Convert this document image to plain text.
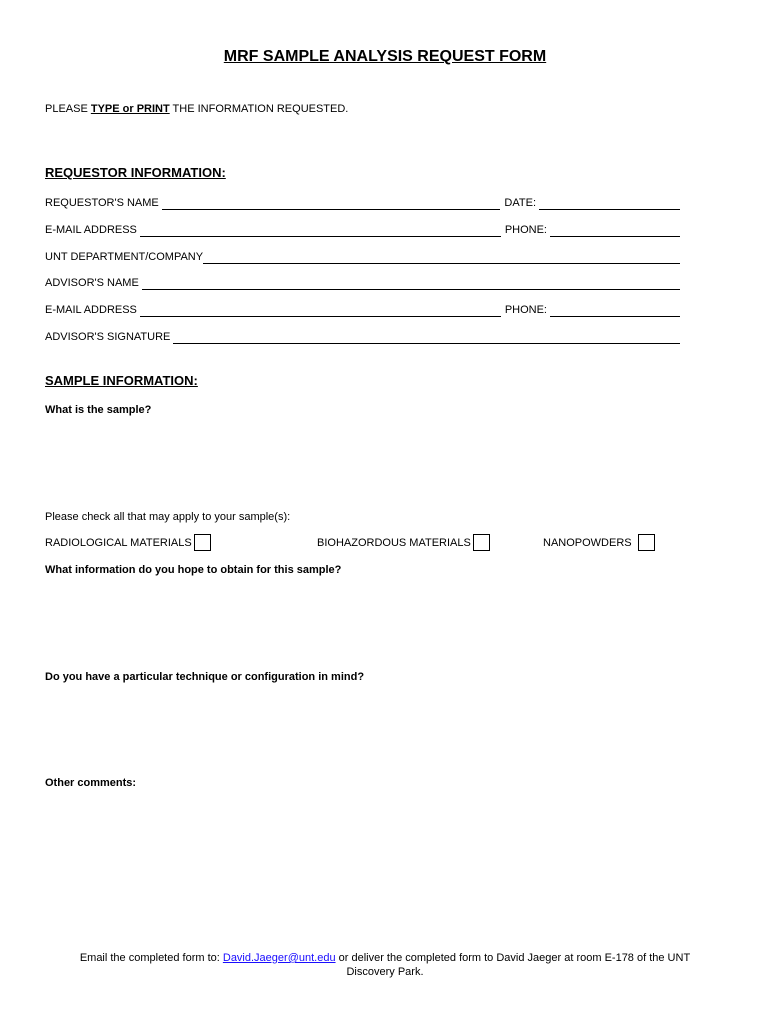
MRF SAMPLE ANALYSIS REQUEST FORM
PLEASE TYPE or PRINT THE INFORMATION REQUESTED.
REQUESTOR INFORMATION:
REQUESTOR'S NAME	DATE:
E-MAIL ADDRESS	PHONE:
UNT DEPARTMENT/COMPANY
ADVISOR'S NAME
E-MAIL ADDRESS	PHONE:
ADVISOR'S SIGNATURE
SAMPLE INFORMATION:
What is the sample?
Please check all that may apply to your sample(s):
RADIOLOGICAL MATERIALS	BIOHAZORDOUS MATERIALS	NANOPOWDERS
What information do you hope to obtain for this sample?
Do you have a particular technique or configuration in mind?
Other comments:
Email the completed form to: David.Jaeger@unt.edu or deliver the completed form to David Jaeger at room E-178 of the UNT
Discovery Park.
